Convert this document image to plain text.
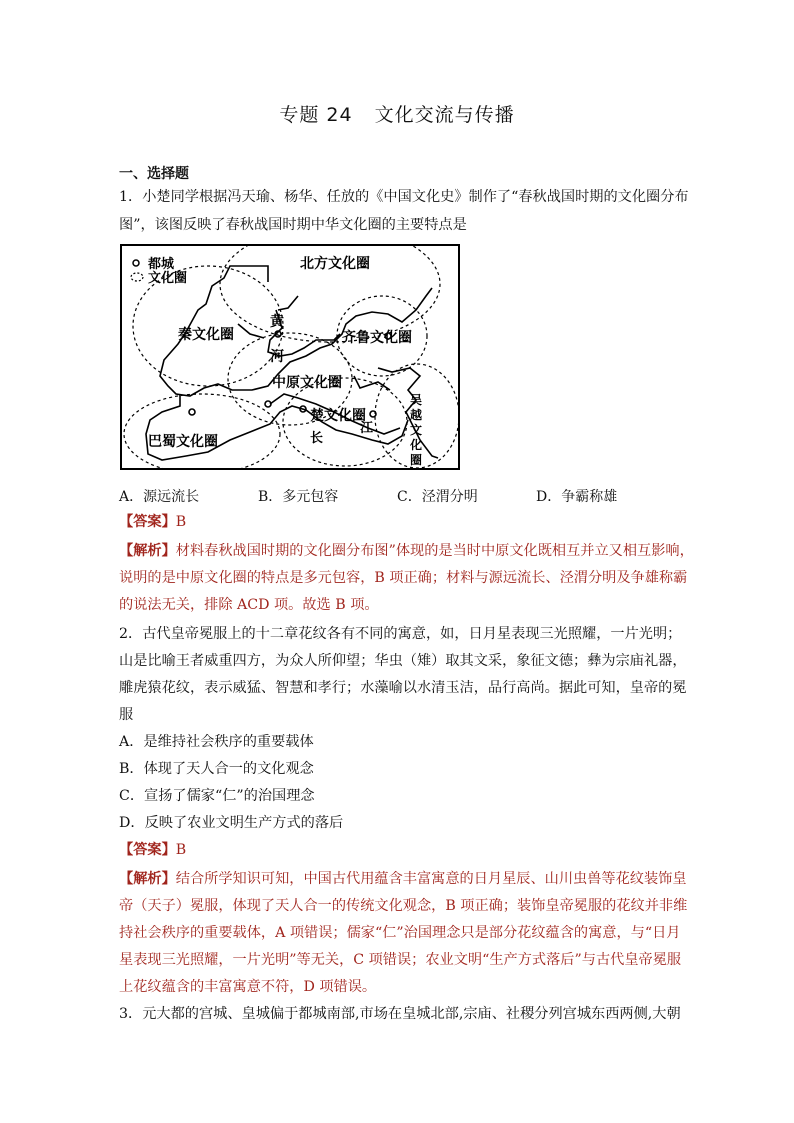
专题 24 文化交流与传播
一、选择题
1．小楚同学根据冯天瑜、杨华、任放的《中国文化史》制作了“春秋战国时期的文化圈分布
图”，该图反映了春秋战国时期中华文化圈的主要特点是
都城
文化圈
北方文化圈
秦文化圈	齐鲁文化圈
中原文化圈
楚文化圈
巴蜀文化圈
黄
河
长
江
吴
越
文
化
圈
A．源远流长	B．多元包容	C．泾渭分明	D．争霸称雄
【答案】B
【解析】材料春秋战国时期的文化圈分布图”体现的是当时中原文化既相互并立又相互影响，
说明的是中原文化圈的特点是多元包容，B 项正确；材料与源远流长、泾渭分明及争雄称霸
的说法无关，排除 ACD 项。故选 B 项。
2．古代皇帝冕服上的十二章花纹各有不同的寓意，如，日月星表现三光照耀，一片光明；
山是比喻王者威重四方，为众人所仰望；华虫（雉）取其文采，象征文德；彝为宗庙礼器，
雕虎猿花纹，表示威猛、智慧和孝行；水藻喻以水清玉洁，品行高尚。据此可知，皇帝的冕
服
A．是维持社会秩序的重要载体
B．体现了天人合一的文化观念
C．宣扬了儒家“仁”的治国理念
D．反映了农业文明生产方式的落后
【答案】B
【解析】结合所学知识可知，中国古代用蕴含丰富寓意的日月星辰、山川虫兽等花纹装饰皇
帝（天子）冕服，体现了天人合一的传统文化观念，B 项正确；装饰皇帝冕服的花纹并非维
持社会秩序的重要载体，A 项错误；儒家“仁”治国理念只是部分花纹蕴含的寓意，与“日月
星表现三光照耀，一片光明”等无关，C 项错误；农业文明“生产方式落后”与古代皇帝冕服
上花纹蕴含的丰富寓意不符，D 项错误。
3．元大都的宫城、皇城偏于都城南部,市场在皇城北部,宗庙、社稷分列宫城东西两侧,大朝
